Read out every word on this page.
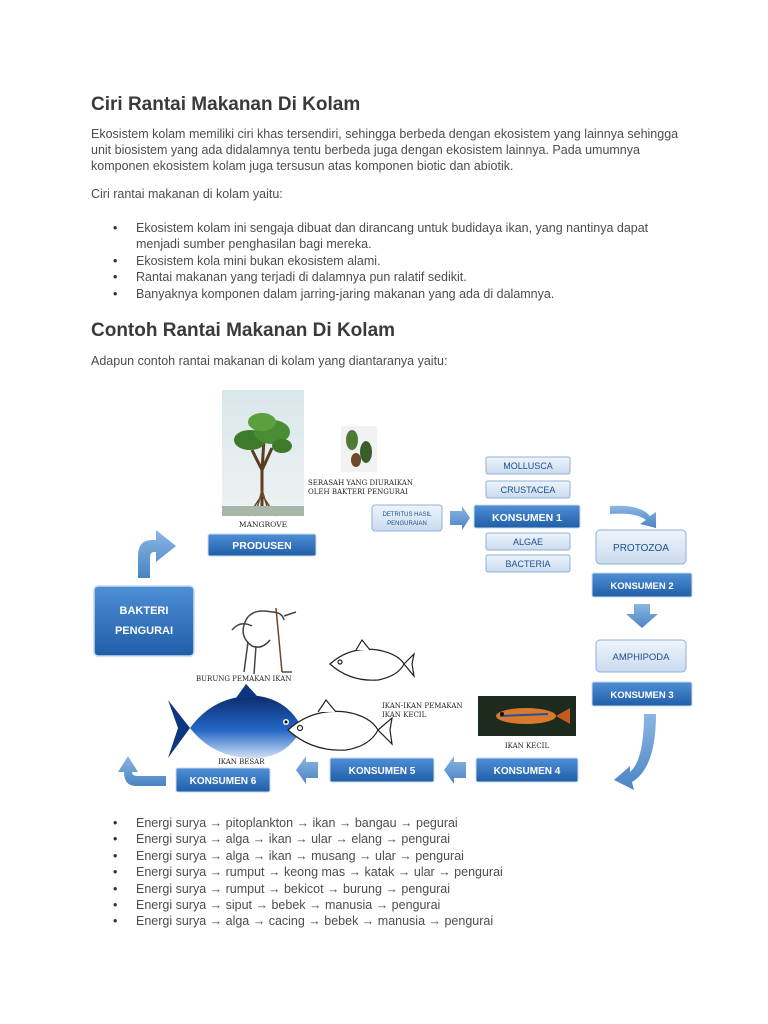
Ciri Rantai Makanan Di Kolam

Ekosistem kolam memiliki ciri khas tersendiri, sehingga berbeda dengan ekosistem yang lainnya sehingga unit biosistem yang ada didalamnya tentu berbeda juga dengan ekosistem lainnya. Pada umumnya komponen ekosistem kolam juga tersusun atas komponen biotic dan abiotik.

Ciri rantai makanan di kolam yaitu:

• Ekosistem kolam ini sengaja dibuat dan dirancang untuk budidaya ikan, yang nantinya dapat menjadi sumber penghasilan bagi mereka.
• Ekosistem kola mini bukan ekosistem alami.
• Rantai makanan yang terjadi di dalamnya pun ralatif sedikit.
• Banyaknya komponen dalam jarring-jaring makanan yang ada di dalamnya.
Contoh Rantai Makanan Di Kolam

Adapun contoh rantai makanan di kolam yang diantaranya yaitu:

MANGROVE
PRODUSEN
SERASAH YANG DIURAIKAN
OLEH BAKTERI PENGURAI
DETRITUS HASIL
PENGURAIAN
MOLLUSCA
CRUSTACEA
KONSUMEN 1
ALGAE
BACTERIA
PROTOZOA
KONSUMEN 2
AMPHIPODA
KONSUMEN 3
KONSUMEN 4
IKAN KECIL
KONSUMEN 5
KONSUMEN 6
IKAN BESAR
BAKTERI
PENGURAI
BURUNG PEMAKAN IKAN
IKAN-IKAN PEMAKAN
IKAN KECIL
• Energi surya → pitoplankton → ikan → bangau → pegurai
• Energi surya → alga → ikan → ular → elang → pengurai
• Energi surya → alga → ikan → musang → ular → pengurai
• Energi surya → rumput → keong mas → katak → ular → pengurai
• Energi surya → rumput → bekicot → burung → pengurai
• Energi surya → siput → bebek → manusia → pengurai
• Energi surya → alga → cacing → bebek → manusia → pengurai
